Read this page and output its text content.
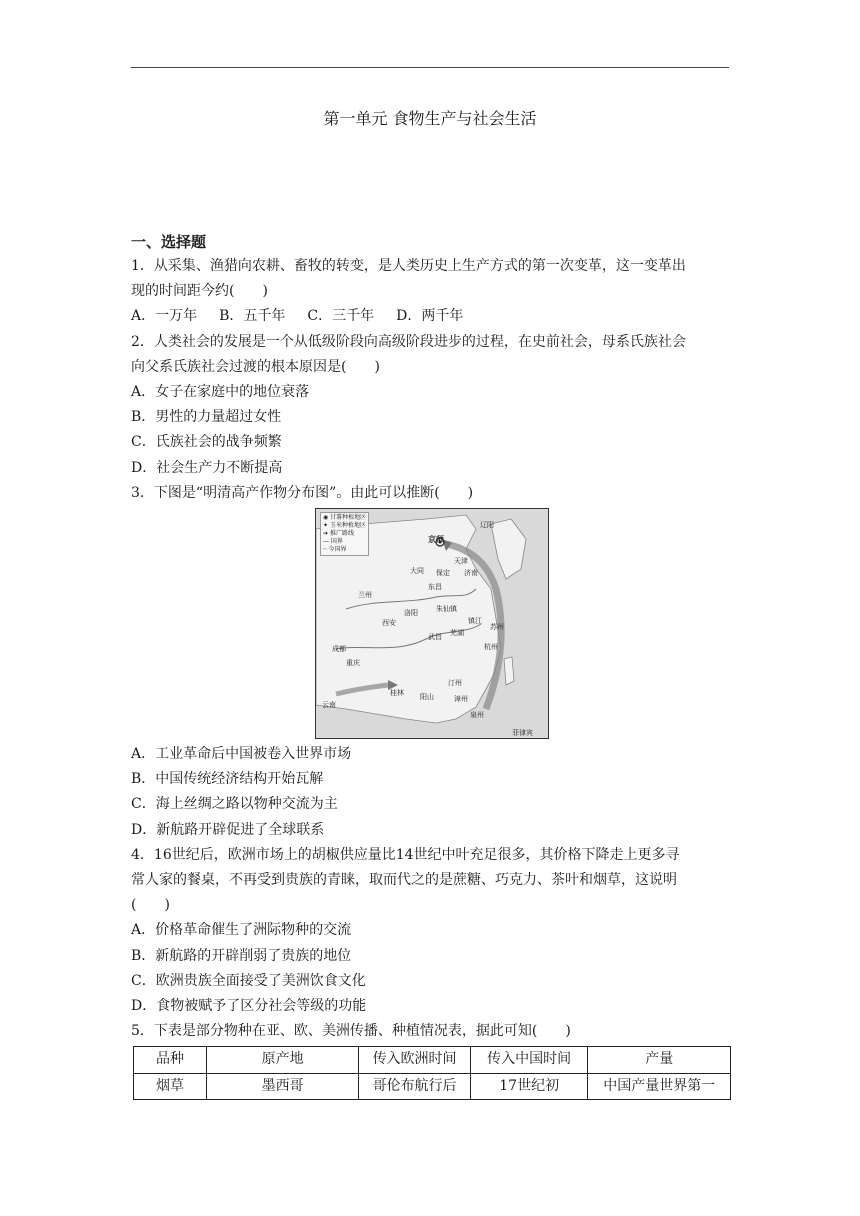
第一单元 食物生产与社会生活
一、选择题
1．从采集、渔猎向农耕、畜牧的转变，是人类历史上生产方式的第一次变革，这一变革出
现的时间距今约(　　)
A．一万年 B．五千年 C．三千年 D．两千年
2．人类社会的发展是一个从低级阶段向高级阶段进步的过程，在史前社会，母系氏族社会
向父系氏族社会过渡的根本原因是(　　)
A．女子在家庭中的地位衰落
B．男性的力量超过女性
C．氏族社会的战争频繁
D．社会生产力不断提高
3．下图是“明清高产作物分布图”。由此可以推断(　　)
◉ 甘薯种植地区
✦ 玉米种植地区
➔ 推广路线
— 国界
┄ 今国界
京师
辽阳
天津
大同 保定 济南
东昌
兰州
洛阳	朱仙镇
西安	镇江
苏州
芜湖
武昌
杭州
成都
重庆
汀州
漳州
泉州
桂林 阳山
云南
菲律宾
A．工业革命后中国被卷入世界市场
B．中国传统经济结构开始瓦解
C．海上丝绸之路以物种交流为主
D．新航路开辟促进了全球联系
4．16世纪后，欧洲市场上的胡椒供应量比14世纪中叶充足很多，其价格下降走上更多寻
常人家的餐桌，不再受到贵族的青睐，取而代之的是蔗糖、巧克力、茶叶和烟草，这说明
(　　)
A．价格革命催生了洲际物种的交流
B．新航路的开辟削弱了贵族的地位
C．欧洲贵族全面接受了美洲饮食文化
D．食物被赋予了区分社会等级的功能
5．下表是部分物种在亚、欧、美洲传播、种植情况表，据此可知(　　)
品种	原产地	传入欧洲时间	传入中国时间	产量
烟草	墨西哥	哥伦布航行后	17世纪初	中国产量世界第一
